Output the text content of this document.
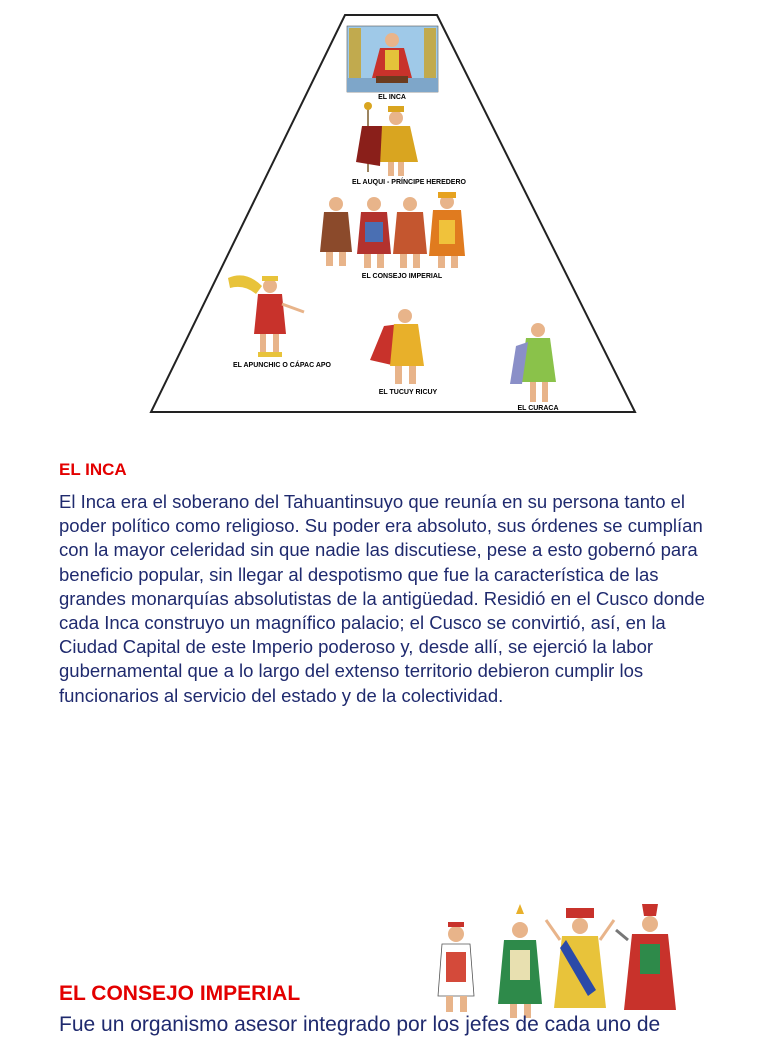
EL INCA
EL AUQUI - PRÍNCIPE HEREDERO
EL CONSEJO IMPERIAL
EL APUNCHIC O CÁPAC APO
EL TUCUY RICUY
EL CURACA
EL INCA

El Inca era el soberano del Tahuantinsuyo que reunía en su persona tanto el poder político como religioso. Su poder era absoluto, sus órdenes se cumplían con la mayor celeridad sin que nadie las discutiese, pese a esto gobernó para beneficio popular, sin llegar al despotismo que fue la característica de las grandes monarquías absolutistas de la antigüedad. Residió en el Cusco donde cada Inca construyo un magnífico palacio; el Cusco se convirtió, así, en la Ciudad Capital de este Imperio poderoso y, desde allí, se ejerció la labor gubernamental que a lo largo del extenso territorio debieron cumplir los funcionarios al servicio del estado y de la colectividad.

EL CONSEJO IMPERIAL

Fue un organismo asesor integrado por los jefes de cada uno de
